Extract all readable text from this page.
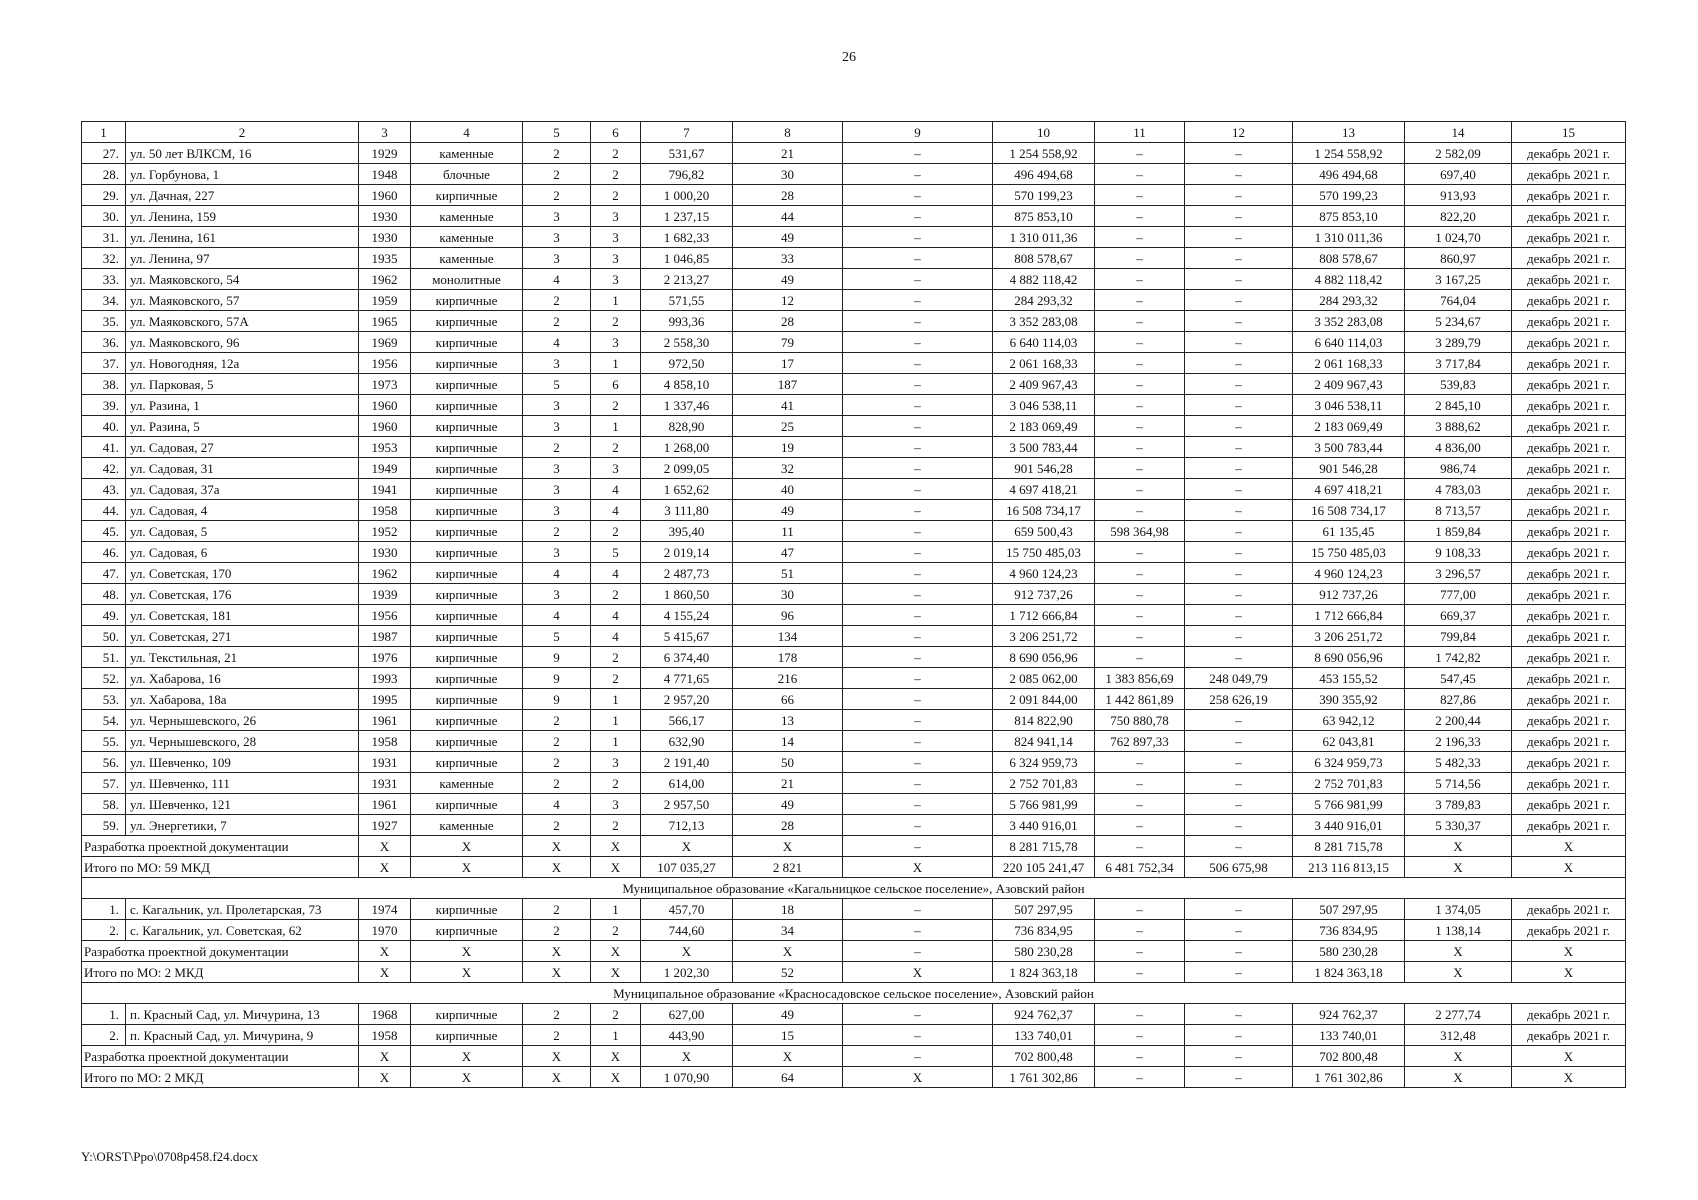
26
1	2	3	4	5	6	7	8	9	10	11	12	13	14	15
27.	ул. 50 лет ВЛКСМ, 16	1929	каменные	2	2	531,67	21	–	1 254 558,92	–	–	1 254 558,92	2 582,09	декабрь 2021 г.
28.	ул. Горбунова, 1	1948	блочные	2	2	796,82	30	–	496 494,68	–	–	496 494,68	697,40	декабрь 2021 г.
29.	ул. Дачная, 227	1960	кирпичные	2	2	1 000,20	28	–	570 199,23	–	–	570 199,23	913,93	декабрь 2021 г.
30.	ул. Ленина, 159	1930	каменные	3	3	1 237,15	44	–	875 853,10	–	–	875 853,10	822,20	декабрь 2021 г.
31.	ул. Ленина, 161	1930	каменные	3	3	1 682,33	49	–	1 310 011,36	–	–	1 310 011,36	1 024,70	декабрь 2021 г.
32.	ул. Ленина, 97	1935	каменные	3	3	1 046,85	33	–	808 578,67	–	–	808 578,67	860,97	декабрь 2021 г.
33.	ул. Маяковского, 54	1962	монолитные	4	3	2 213,27	49	–	4 882 118,42	–	–	4 882 118,42	3 167,25	декабрь 2021 г.
34.	ул. Маяковского, 57	1959	кирпичные	2	1	571,55	12	–	284 293,32	–	–	284 293,32	764,04	декабрь 2021 г.
35.	ул. Маяковского, 57А	1965	кирпичные	2	2	993,36	28	–	3 352 283,08	–	–	3 352 283,08	5 234,67	декабрь 2021 г.
36.	ул. Маяковского, 96	1969	кирпичные	4	3	2 558,30	79	–	6 640 114,03	–	–	6 640 114,03	3 289,79	декабрь 2021 г.
37.	ул. Новогодняя, 12а	1956	кирпичные	3	1	972,50	17	–	2 061 168,33	–	–	2 061 168,33	3 717,84	декабрь 2021 г.
38.	ул. Парковая, 5	1973	кирпичные	5	6	4 858,10	187	–	2 409 967,43	–	–	2 409 967,43	539,83	декабрь 2021 г.
39.	ул. Разина, 1	1960	кирпичные	3	2	1 337,46	41	–	3 046 538,11	–	–	3 046 538,11	2 845,10	декабрь 2021 г.
40.	ул. Разина, 5	1960	кирпичные	3	1	828,90	25	–	2 183 069,49	–	–	2 183 069,49	3 888,62	декабрь 2021 г.
41.	ул. Садовая, 27	1953	кирпичные	2	2	1 268,00	19	–	3 500 783,44	–	–	3 500 783,44	4 836,00	декабрь 2021 г.
42.	ул. Садовая, 31	1949	кирпичные	3	3	2 099,05	32	–	901 546,28	–	–	901 546,28	986,74	декабрь 2021 г.
43.	ул. Садовая, 37а	1941	кирпичные	3	4	1 652,62	40	–	4 697 418,21	–	–	4 697 418,21	4 783,03	декабрь 2021 г.
44.	ул. Садовая, 4	1958	кирпичные	3	4	3 111,80	49	–	16 508 734,17	–	–	16 508 734,17	8 713,57	декабрь 2021 г.
45.	ул. Садовая, 5	1952	кирпичные	2	2	395,40	11	–	659 500,43	598 364,98	–	61 135,45	1 859,84	декабрь 2021 г.
46.	ул. Садовая, 6	1930	кирпичные	3	5	2 019,14	47	–	15 750 485,03	–	–	15 750 485,03	9 108,33	декабрь 2021 г.
47.	ул. Советская, 170	1962	кирпичные	4	4	2 487,73	51	–	4 960 124,23	–	–	4 960 124,23	3 296,57	декабрь 2021 г.
48.	ул. Советская, 176	1939	кирпичные	3	2	1 860,50	30	–	912 737,26	–	–	912 737,26	777,00	декабрь 2021 г.
49.	ул. Советская, 181	1956	кирпичные	4	4	4 155,24	96	–	1 712 666,84	–	–	1 712 666,84	669,37	декабрь 2021 г.
50.	ул. Советская, 271	1987	кирпичные	5	4	5 415,67	134	–	3 206 251,72	–	–	3 206 251,72	799,84	декабрь 2021 г.
51.	ул. Текстильная, 21	1976	кирпичные	9	2	6 374,40	178	–	8 690 056,96	–	–	8 690 056,96	1 742,82	декабрь 2021 г.
52.	ул. Хабарова, 16	1993	кирпичные	9	2	4 771,65	216	–	2 085 062,00	1 383 856,69	248 049,79	453 155,52	547,45	декабрь 2021 г.
53.	ул. Хабарова, 18а	1995	кирпичные	9	1	2 957,20	66	–	2 091 844,00	1 442 861,89	258 626,19	390 355,92	827,86	декабрь 2021 г.
54.	ул. Чернышевского, 26	1961	кирпичные	2	1	566,17	13	–	814 822,90	750 880,78	–	63 942,12	2 200,44	декабрь 2021 г.
55.	ул. Чернышевского, 28	1958	кирпичные	2	1	632,90	14	–	824 941,14	762 897,33	–	62 043,81	2 196,33	декабрь 2021 г.
56.	ул. Шевченко, 109	1931	кирпичные	2	3	2 191,40	50	–	6 324 959,73	–	–	6 324 959,73	5 482,33	декабрь 2021 г.
57.	ул. Шевченко, 111	1931	каменные	2	2	614,00	21	–	2 752 701,83	–	–	2 752 701,83	5 714,56	декабрь 2021 г.
58.	ул. Шевченко, 121	1961	кирпичные	4	3	2 957,50	49	–	5 766 981,99	–	–	5 766 981,99	3 789,83	декабрь 2021 г.
59.	ул. Энергетики, 7	1927	каменные	2	2	712,13	28	–	3 440 916,01	–	–	3 440 916,01	5 330,37	декабрь 2021 г.
Разработка проектной документации		X	X	X	X	X	X	–	8 281 715,78	–	–	8 281 715,78	X	X
Итого по МО: 59 МКД		X	X	X	X	107 035,27	2 821	X	220 105 241,47	6 481 752,34	506 675,98	213 116 813,15	X	X
Муниципальное образование «Кагальницкое сельское поселение», Азовский район														
1.	с. Кагальник, ул. Пролетарская, 73	1974	кирпичные	2	1	457,70	18	–	507 297,95	–	–	507 297,95	1 374,05	декабрь 2021 г.
2.	с. Кагальник, ул. Советская, 62	1970	кирпичные	2	2	744,60	34	–	736 834,95	–	–	736 834,95	1 138,14	декабрь 2021 г.
Разработка проектной документации		X	X	X	X	X	X	–	580 230,28	–	–	580 230,28	X	X
Итого по МО: 2 МКД		X	X	X	X	1 202,30	52	X	1 824 363,18	–	–	1 824 363,18	X	X
Муниципальное образование «Красносадовское сельское поселение», Азовский район														
1.	п. Красный Сад, ул. Мичурина, 13	1968	кирпичные	2	2	627,00	49	–	924 762,37	–	–	924 762,37	2 277,74	декабрь 2021 г.
2.	п. Красный Сад, ул. Мичурина, 9	1958	кирпичные	2	1	443,90	15	–	133 740,01	–	–	133 740,01	312,48	декабрь 2021 г.
Разработка проектной документации		X	X	X	X	X	X	–	702 800,48	–	–	702 800,48	X	X
Итого по МО: 2 МКД		X	X	X	X	1 070,90	64	X	1 761 302,86	–	–	1 761 302,86	X	X
Y:\ORST\Ppo\0708p458.f24.docx
